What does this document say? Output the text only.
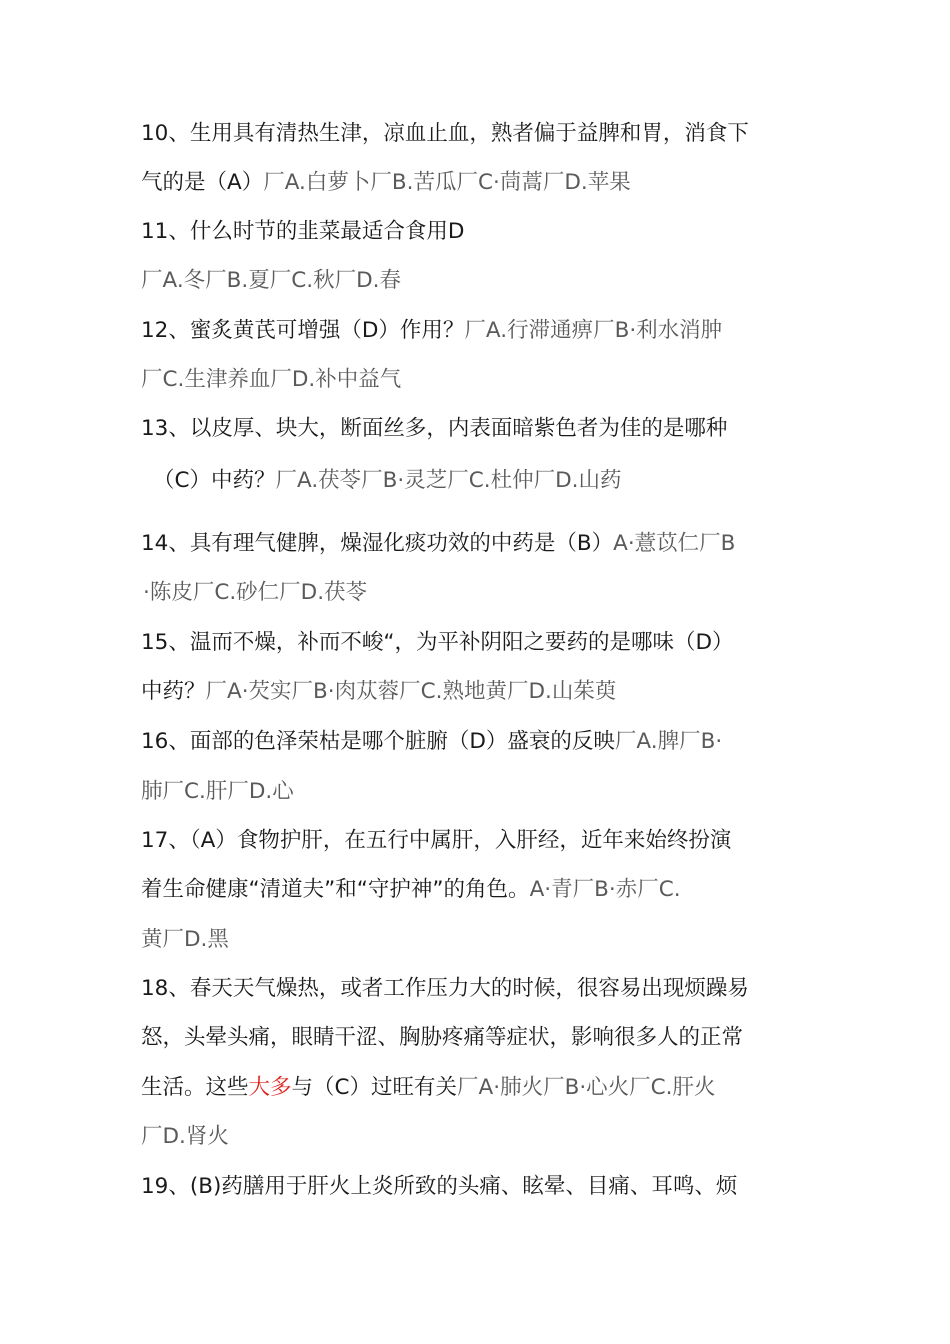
10、生用具有清热生津，凉血止血，熟者偏于益脾和胃，消食下
气的是（A）厂A.白萝卜厂B.苦瓜厂C·茼蒿厂D.苹果
11、什么时节的韭菜最适合食用D
厂A.冬厂B.夏厂C.秋厂D.春
12、蜜炙黄芪可增强（D）作用？厂A.行滞通痹厂B·利水消肿
厂C.生津养血厂D.补中益气
13、以皮厚、块大，断面丝多，内表面暗紫色者为佳的是哪种
（C）中药？厂A.茯苓厂B·灵芝厂C.杜仲厂D.山药
14、具有理气健脾，燥湿化痰功效的中药是（B）A·薏苡仁厂B
·陈皮厂C.砂仁厂D.茯苓
15、温而不燥，补而不峻“，为平补阴阳之要药的是哪味（D）
中药？厂A·芡实厂B·肉苁蓉厂C.熟地黄厂D.山茱萸
16、面部的色泽荣枯是哪个脏腑（D）盛衰的反映厂A.脾厂B·
肺厂C.肝厂D.心
17、（A）食物护肝，在五行中属肝，入肝经，近年来始终扮演
着生命健康“清道夫”和“守护神”的角色。A·青厂B·赤厂C.
黄厂D.黑
18、春天天气燥热，或者工作压力大的时候，很容易出现烦躁易
怒，头晕头痛，眼睛干涩、胸胁疼痛等症状，影响很多人的正常
生活。这些大多与（C）过旺有关厂A·肺火厂B·心火厂C.肝火
厂D.肾火
19、(B)药膳用于肝火上炎所致的头痛、眩晕、目痛、耳鸣、烦
